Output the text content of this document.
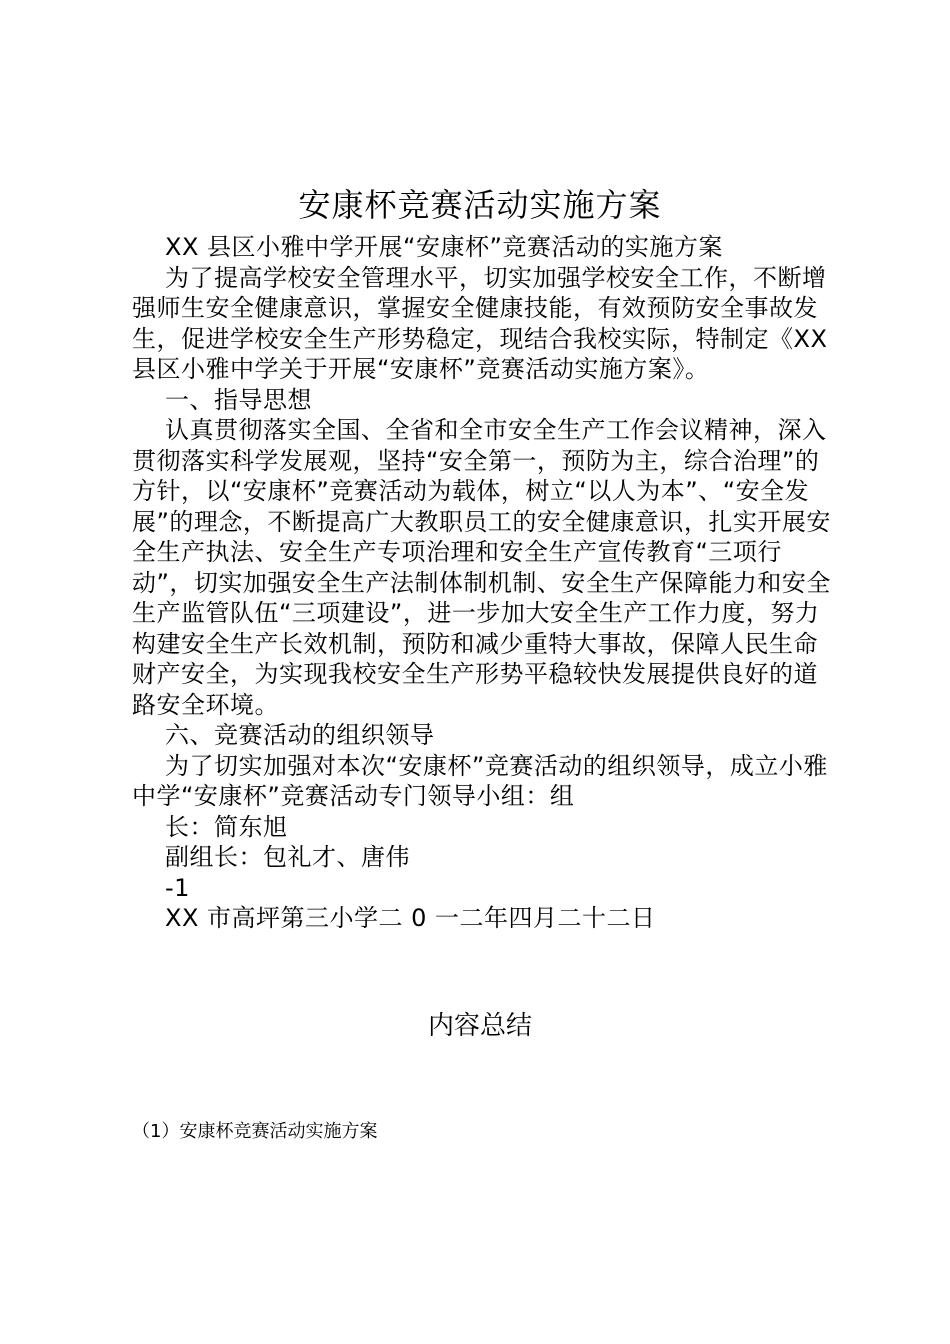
安康杯竞赛活动实施方案

XX 县区小雅中学开展“安康杯”竞赛活动的实施方案

为了提高学校安全管理水平，切实加强学校安全工作，不断增强师生安全健康意识，掌握安全健康技能，有效预防安全事故发生，促进学校安全生产形势稳定，现结合我校实际，特制定《XX 县区小雅中学关于开展“安康杯”竞赛活动实施方案》。

一、指导思想

认真贯彻落实全国、全省和全市安全生产工作会议精神，深入贯彻落实科学发展观，坚持“安全第一，预防为主，综合治理”的方针，以“安康杯”竞赛活动为载体，树立“以人为本”、“安全发展”的理念，不断提高广大教职员工的安全健康意识，扎实开展安全生产执法、安全生产专项治理和安全生产宣传教育“三项行动”，切实加强安全生产法制体制机制、安全生产保障能力和安全生产监管队伍“三项建设”，进一步加大安全生产工作力度，努力构建安全生产长效机制，预防和减少重特大事故，保障人民生命财产安全，为实现我校安全生产形势平稳较快发展提供良好的道路安全环境。

六、竞赛活动的组织领导

为了切实加强对本次“安康杯”竞赛活动的组织领导，成立小雅中学“安康杯”竞赛活动专门领导小组：组

长：简东旭

副组长：包礼才、唐伟

-1

XX 市高坪第三小学二 0 一二年四月二十二日

内容总结
（1）安康杯竞赛活动实施方案
